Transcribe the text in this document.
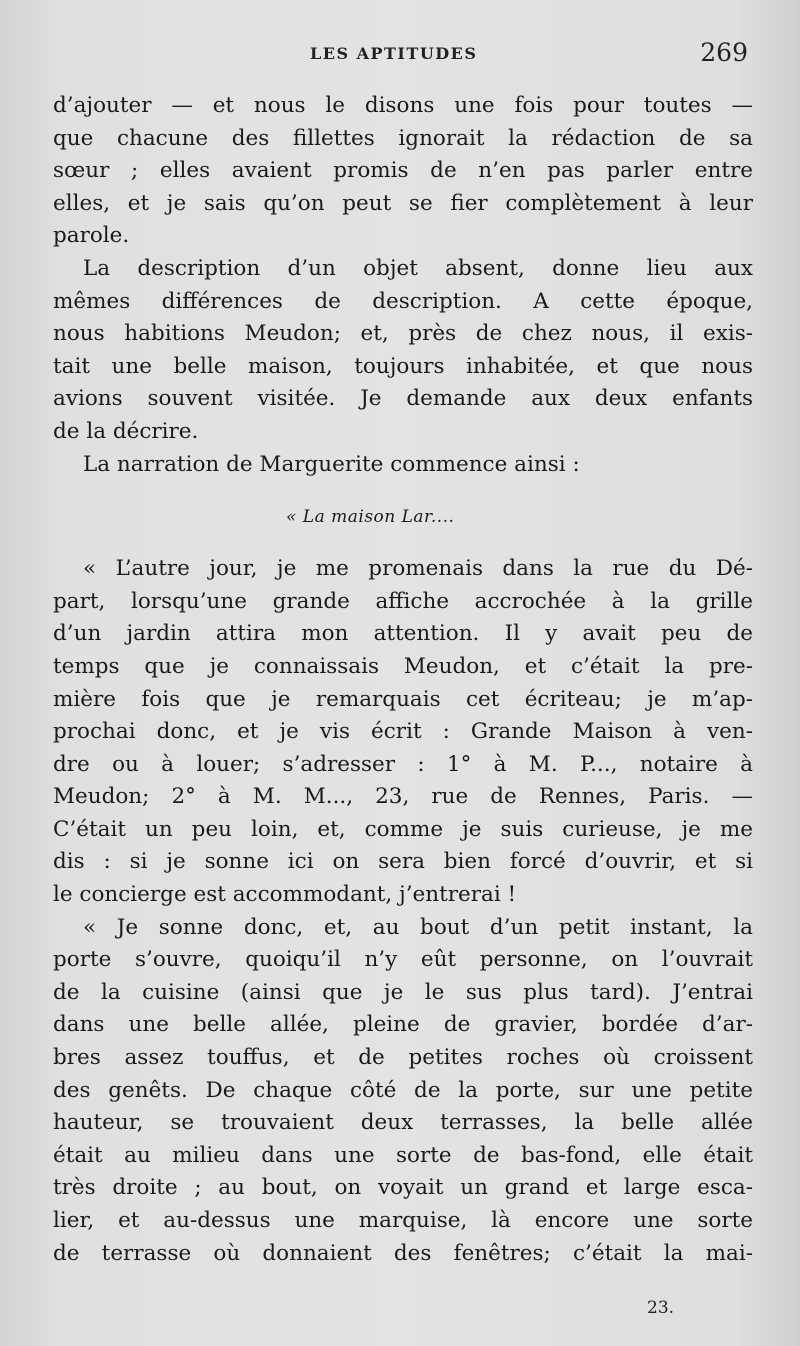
LES APTITUDES	269
d’ajouter — et nous le disons une fois pour toutes —
que chacune des fillettes ignorait la rédaction de sa
sœur ; elles avaient promis de n’en pas parler entre
elles, et je sais qu’on peut se fier complètement à leur
parole.
La description d’un objet absent, donne lieu aux
mêmes différences de description. A cette époque,
nous habitions Meudon; et, près de chez nous, il exis-
tait une belle maison, toujours inhabitée, et que nous
avions souvent visitée. Je demande aux deux enfants
de la décrire.
La narration de Marguerite commence ainsi :
« La maison Lar....
« L’autre jour, je me promenais dans la rue du Dé-
part, lorsqu’une grande affiche accrochée à la grille
d’un jardin attira mon attention. Il y avait peu de
temps que je connaissais Meudon, et c’était la pre-
mière fois que je remarquais cet écriteau; je m’ap-
prochai donc, et je vis écrit : Grande Maison à ven-
dre ou à louer; s’adresser : 1° à M. P..., notaire à
Meudon; 2° à M. M..., 23, rue de Rennes, Paris. —
C’était un peu loin, et, comme je suis curieuse, je me
dis : si je sonne ici on sera bien forcé d’ouvrir, et si
le concierge est accommodant, j’entrerai !
« Je sonne donc, et, au bout d’un petit instant, la
porte s’ouvre, quoiqu’il n’y eût personne, on l’ouvrait
de la cuisine (ainsi que je le sus plus tard). J’entrai
dans une belle allée, pleine de gravier, bordée d’ar-
bres assez touffus, et de petites roches où croissent
des genêts. De chaque côté de la porte, sur une petite
hauteur, se trouvaient deux terrasses, la belle allée
était au milieu dans une sorte de bas-fond, elle était
très droite ; au bout, on voyait un grand et large esca-
lier, et au-dessus une marquise, là encore une sorte
de terrasse où donnaient des fenêtres; c’était la mai-
23.
